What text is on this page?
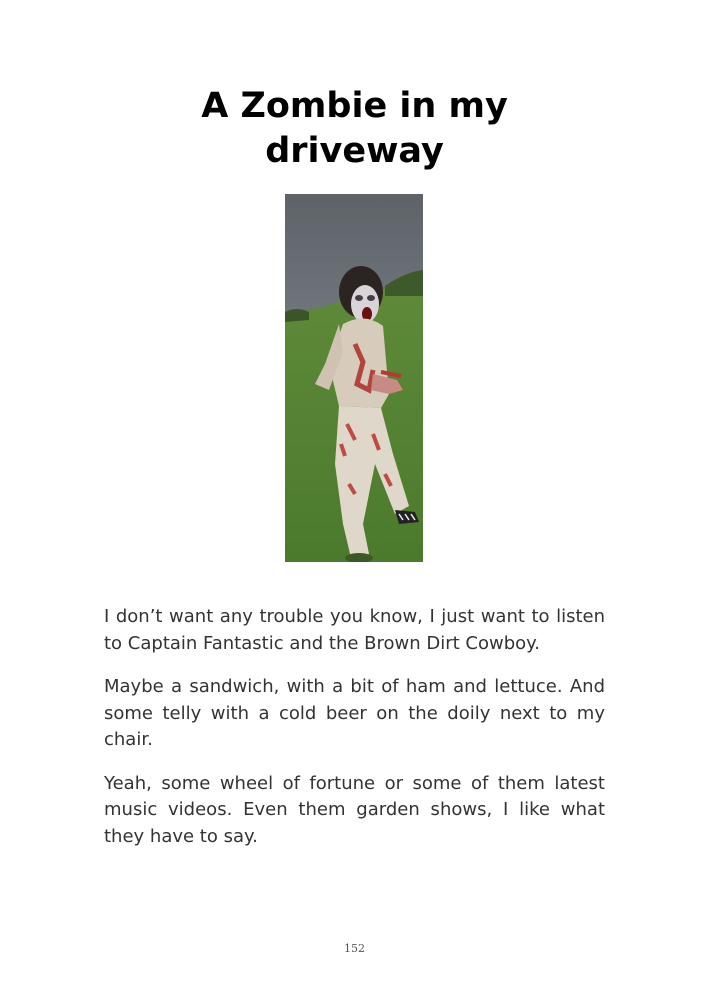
A Zombie in my driveway

I don’t want any trouble you know, I just want to listen to Captain Fantastic and the Brown Dirt Cowboy.

Maybe a sandwich, with a bit of ham and lettuce. And some telly with a cold beer on the doily next to my chair.

Yeah, some wheel of fortune or some of them latest music videos. Even them garden shows, I like what they have to say.

152
